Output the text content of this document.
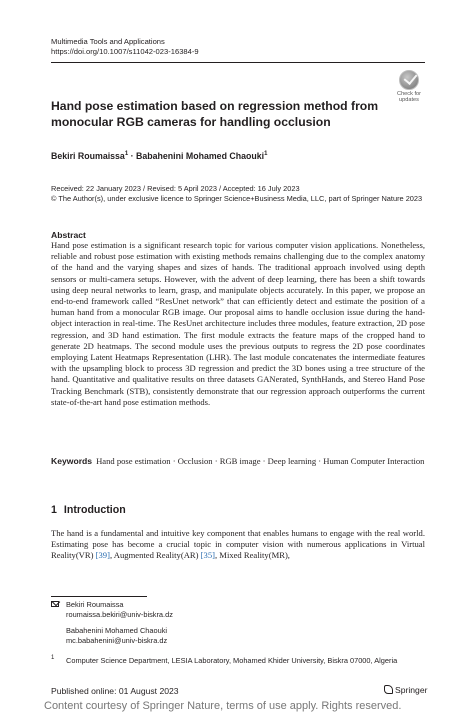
Multimedia Tools and Applications
https://doi.org/10.1007/s11042-023-16384-9
Check for
updates
Hand pose estimation based on regression method from monocular RGB cameras for handling occlusion
Bekiri Roumaissa$^1$ · Babahenini Mohamed Chaouki$^1$
Received: 22 January 2023 / Revised: 5 April 2023 / Accepted: 16 July 2023
© The Author(s), under exclusive licence to Springer Science+Business Media, LLC, part of Springer Nature 2023
Abstract
Hand pose estimation is a significant research topic for various computer vision applications. Nonetheless, reliable and robust pose estimation with existing methods remains challenging due to the complex anatomy of the hand and the varying shapes and sizes of hands. The traditional approach involved using depth sensors or multi-camera setups. However, with the advent of deep learning, there has been a shift towards using deep neural networks to learn, grasp, and manipulate objects accurately. In this paper, we propose an end-to-end framework called “ResUnet network” that can efficiently detect and estimate the position of a human hand from a monocular RGB image. Our proposal aims to handle occlusion issue during the hand-object interaction in real-time. The ResUnet architecture includes three modules, feature extraction, 2D pose regression, and 3D hand estimation. The first module extracts the feature maps of the cropped hand to generate 2D heatmaps. The second module uses the previous outputs to regress the 2D pose coordinates employing Latent Heatmaps Representation (LHR). The last module concatenates the intermediate features with the upsampling block to process 3D regression and predict the 3D bones using a tree structure of the hand. Quantitative and qualitative results on three datasets GANerated, SynthHands, and Stereo Hand Pose Tracking Benchmark (STB), consistently demonstrate that our regression approach outperforms the current state-of-the-art hand pose estimation methods.
Keywords Hand pose estimation · Occlusion · RGB image · Deep learning · Human Computer Interaction
1 Introduction
The hand is a fundamental and intuitive key component that enables humans to engage with the real world. Estimating pose has become a crucial topic in computer vision with numerous applications in Virtual Reality(VR) [39], Augmented Reality(AR) [35], Mixed Reality(MR),
Bekiri Roumaissa
roumaissa.bekiri@univ-biskra.dz
Babahenini Mohamed Chaouki
mc.babahenini@univ-biskra.dz
1 Computer Science Department, LESIA Laboratory, Mohamed Khider University, Biskra 07000, Algeria
Published online: 01 August 2023	Springer
Content courtesy of Springer Nature, terms of use apply. Rights reserved.
